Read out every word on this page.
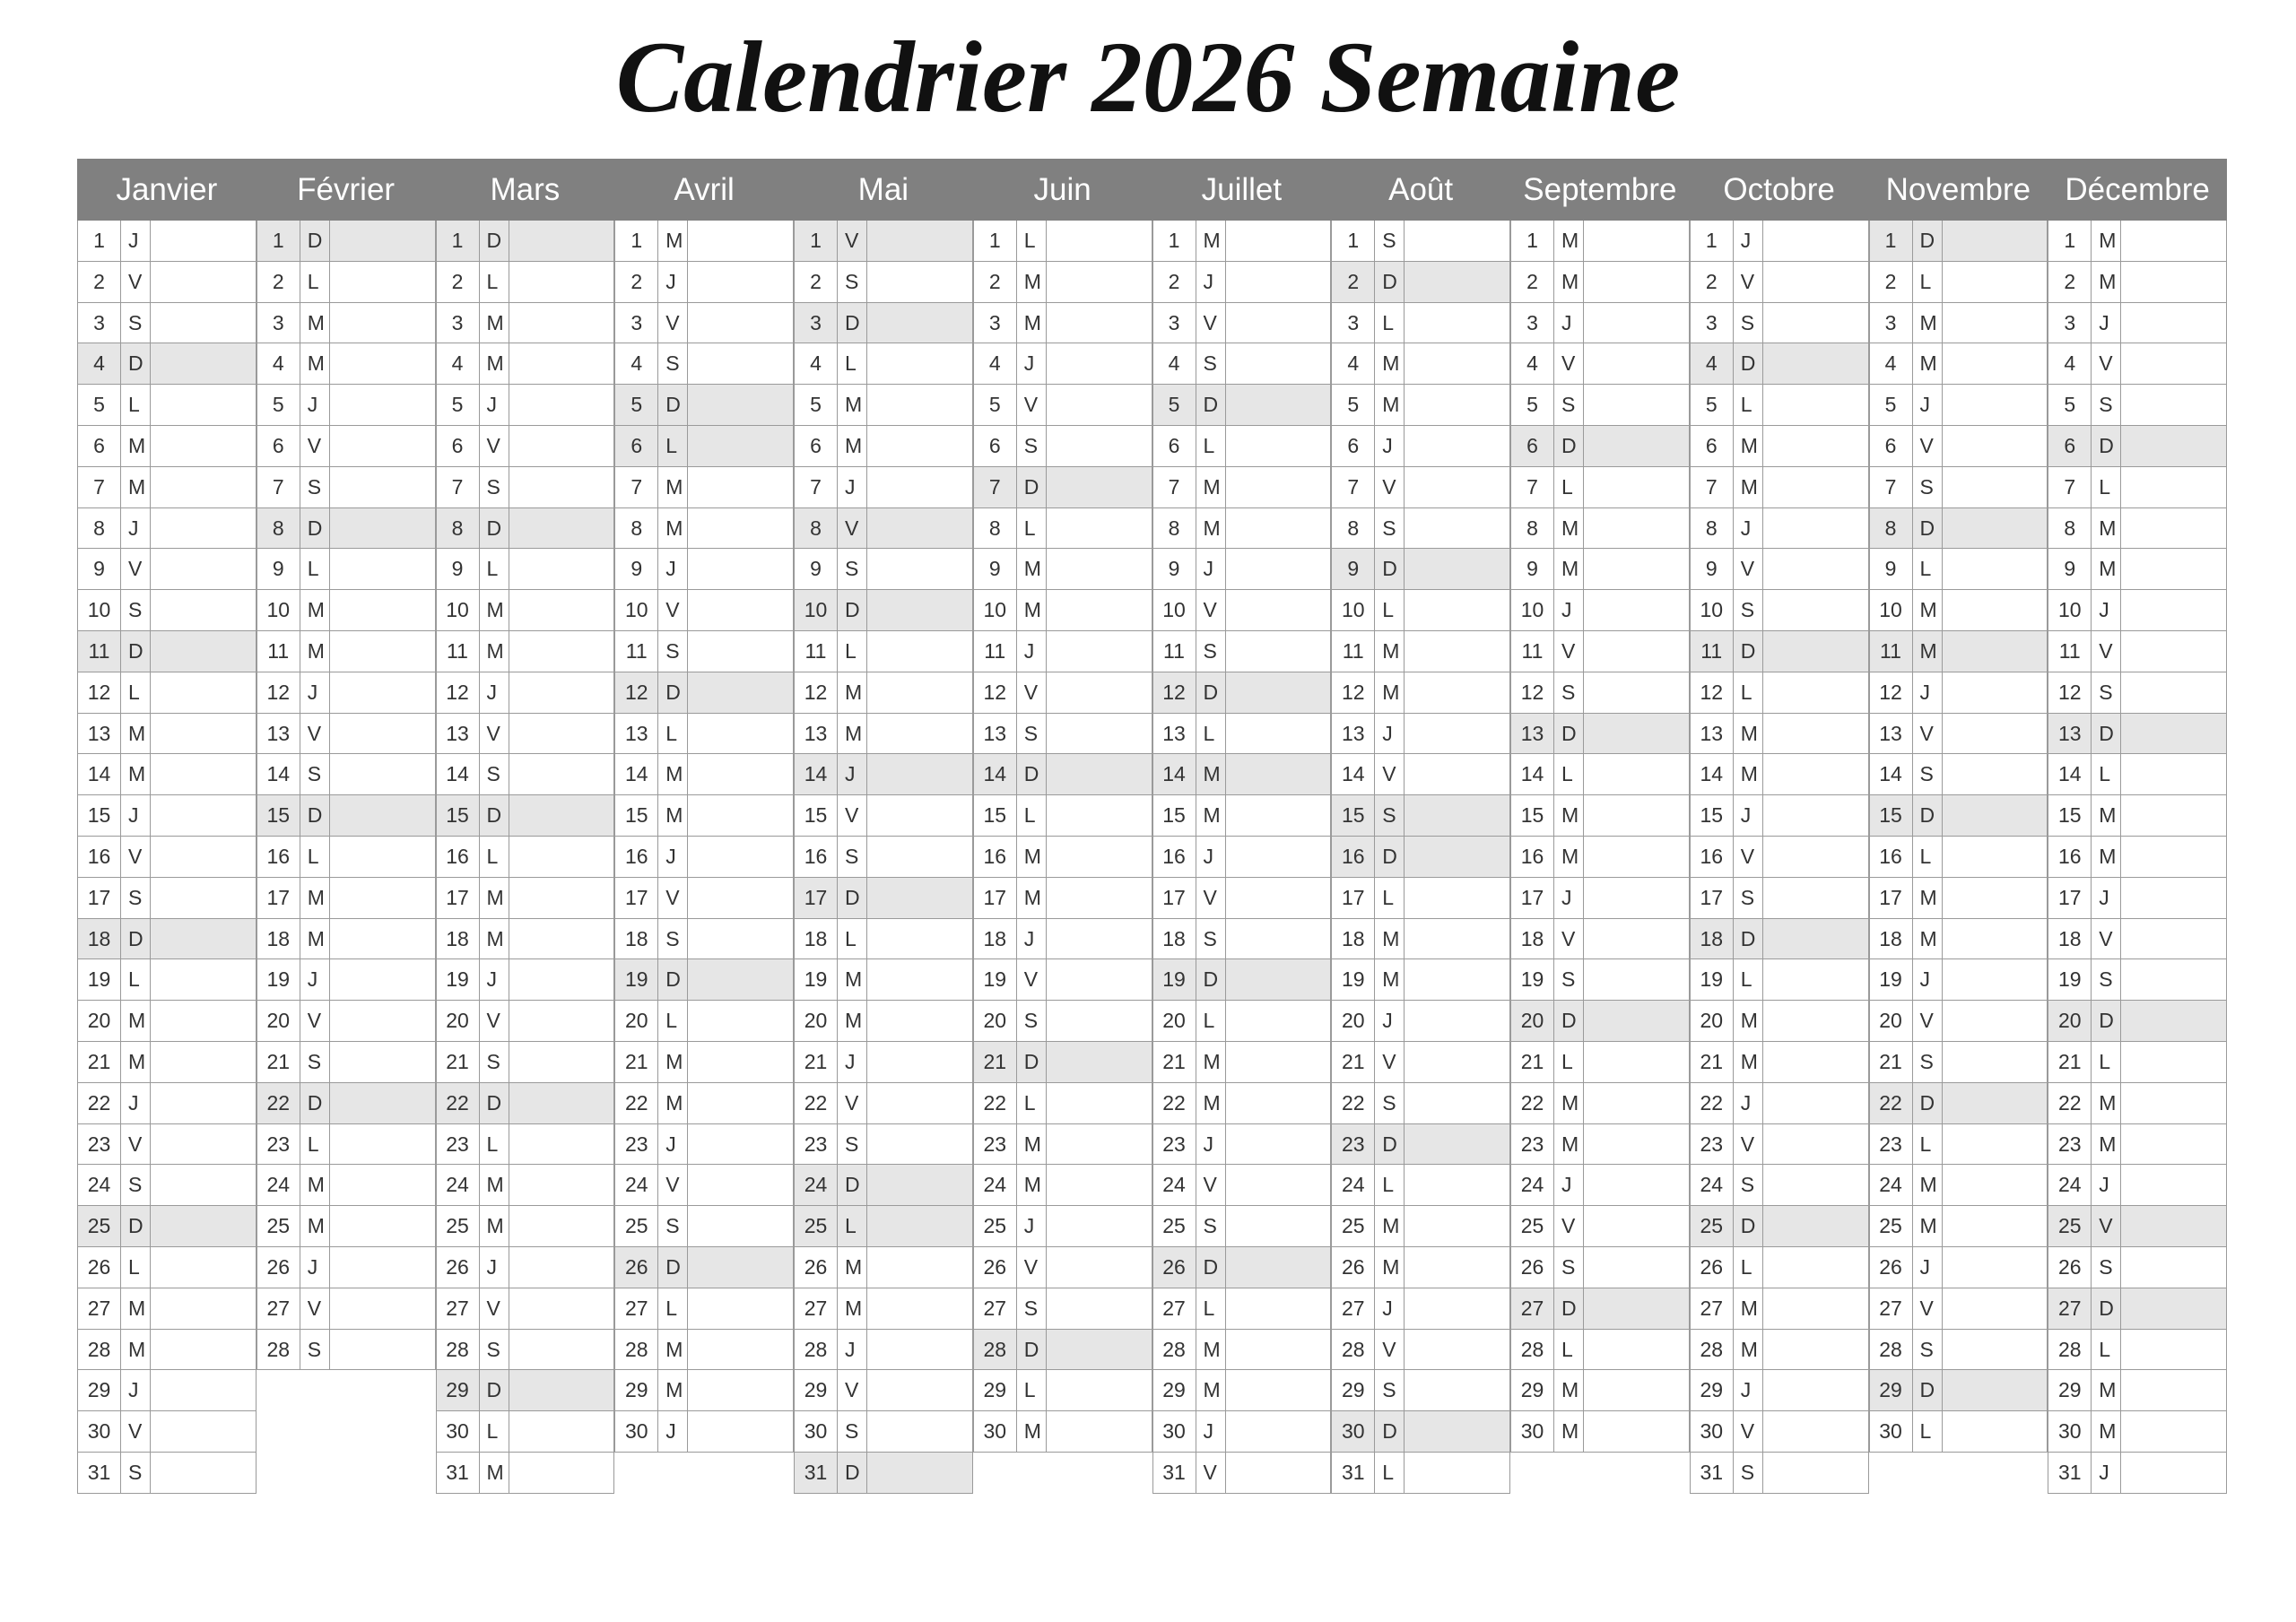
Calendrier 2026 Semaine
Janvier	Février	Mars	Avril	Mai	Juin	Juillet	Août	Septembre	Octobre	Novembre	Décembre
1	J
2	V
3	S
4	D
5	L
6	M
7	M
8	J
9	V
10 S
11 D
12 L
13 M
14 M
15 J
16 V
17 S
18 D
19 L
20 M
21 M
22 J
23 V
24 S
25 D
26 L
27 M
28 M
29 J
30 V
31 S
1	D
2	L
3	M
4	M
5	J
6	V
7	S
8	D
9	L
10 M
11 M
12 J
13 V
14 S
15 D
16 L
17 M
18 M
19 J
20 V
21 S
22 D
23 L
24 M
25 M
26 J
27 V
28 S
1	D
2	L
3	M
4	M
5	J
6	V
7	S
8	D
9	L
10 M
11 M
12 J
13 V
14 S
15 D
16 L
17 M
18 M
19 J
20 V
21 S
22 D
23 L
24 M
25 M
26 J
27 V
28 S
29 D
30 L
31 M
1	M
2	J
3	V
4	S
5	D
6	L
7	M
8	M
9	J
10 V
11 S
12 D
13 L
14 M
15 M
16 J
17 V
18 S
19 D
20 L
21 M
22 M
23 J
24 V
25 S
26 D
27 L
28 M
29 M
30 J
1	V
2	S
3	D
4	L
5	M
6	M
7	J
8	V
9	S
10 D
11 L
12 M
13 M
14 J
15 V
16 S
17 D
18 L
19 M
20 M
21 J
22 V
23 S
24 D
25 L
26 M
27 M
28 J
29 V
30 S
31 D
1	L
2	M
3	M
4	J
5	V
6	S
7	D
8	L
9	M
10 M
11 J
12 V
13 S
14 D
15 L
16 M
17 M
18 J
19 V
20 S
21 D
22 L
23 M
24 M
25 J
26 V
27 S
28 D
29 L
30 M
1	M
2	J
3	V
4	S
5	D
6	L
7	M
8	M
9	J
10 V
11 S
12 D
13 L
14 M
15 M
16 J
17 V
18 S
19 D
20 L
21 M
22 M
23 J
24 V
25 S
26 D
27 L
28 M
29 M
30 J
31 V
1	S
2	D
3	L
4	M
5	M
6	J
7	V
8	S
9	D
10 L
11 M
12 M
13 J
14 V
15 S
16 D
17 L
18 M
19 M
20 J
21 V
22 S
23 D
24 L
25 M
26 M
27 J
28 V
29 S
30 D
31 L
1	M
2	M
3	J
4	V
5	S
6	D
7	L
8	M
9	M
10 J
11 V
12 S
13 D
14 L
15 M
16 M
17 J
18 V
19 S
20 D
21 L
22 M
23 M
24 J
25 V
26 S
27 D
28 L
29 M
30 M
1	J
2	V
3	S
4	D
5	L
6	M
7	M
8	J
9	V
10 S
11 D
12 L
13 M
14 M
15 J
16 V
17 S
18 D
19 L
20 M
21 M
22 J
23 V
24 S
25 D
26 L
27 M
28 M
29 J
30 V
31 S
1	D
2	L
3	M
4	M
5	J
6	V
7	S
8	D
9	L
10 M
11 M
12 J
13 V
14 S
15 D
16 L
17 M
18 M
19 J
20 V
21 S
22 D
23 L
24 M
25 M
26 J
27 V
28 S
29 D
30 L
1	M
2	M
3	J
4	V
5	S
6	D
7	L
8	M
9	M
10 J
11 V
12 S
13 D
14 L
15 M
16 M
17 J
18 V
19 S
20 D
21 L
22 M
23 M
24 J
25 V
26 S
27 D
28 L
29 M
30 M
31 J
